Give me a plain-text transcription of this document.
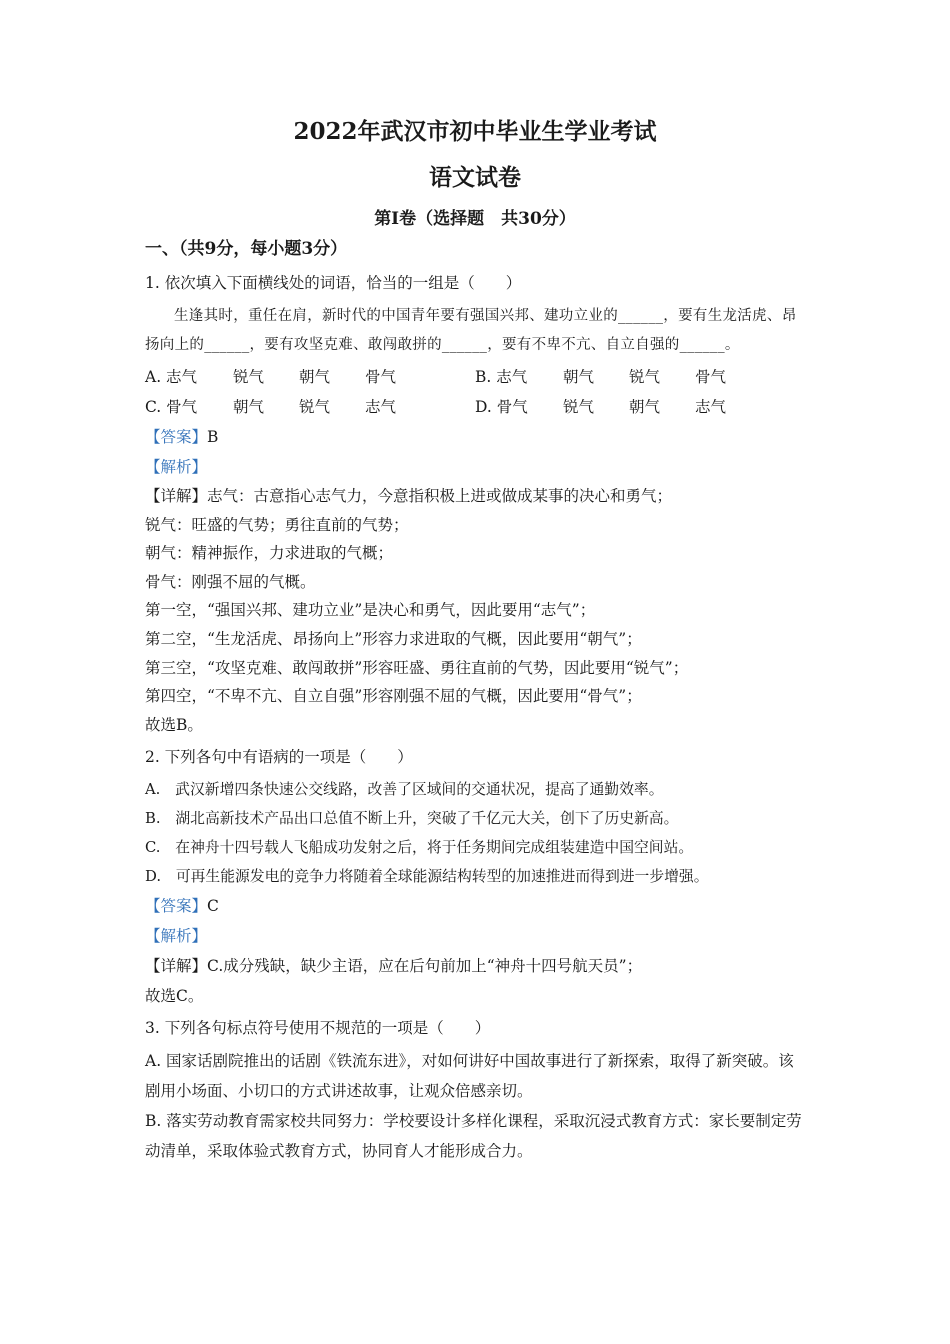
2022年武汉市初中毕业生学业考试
语文试卷
第Ⅰ卷（选择题　共30分）
一、（共9分，每小题3分）
1. 依次填入下面横线处的词语，恰当的一组是（　　）
生逢其时，重任在肩，新时代的中国青年要有强国兴邦、建功立业的______，要有生龙活虎、昂扬向上的______，要有攻坚克难、敢闯敢拼的______，要有不卑不亢、自立自强的______。
A. 志气	锐气	朝气	骨气	B. 志气	朝气	锐气	骨气
C. 骨气	朝气	锐气	志气	D. 骨气	锐气	朝气	志气
【答案】B
【解析】
【详解】志气：古意指心志气力，今意指积极上进或做成某事的决心和勇气；
锐气：旺盛的气势；勇往直前的气势；
朝气：精神振作，力求进取的气概；
骨气：刚强不屈的气概。
第一空，“强国兴邦、建功立业”是决心和勇气，因此要用“志气”；
第二空，“生龙活虎、昂扬向上”形容力求进取的气概，因此要用“朝气”；
第三空，“攻坚克难、敢闯敢拼”形容旺盛、勇往直前的气势，因此要用“锐气”；
第四空，“不卑不亢、自立自强”形容刚强不屈的气概，因此要用“骨气”；
故选B。
2. 下列各句中有语病的一项是（　　）
A.　武汉新增四条快速公交线路，改善了区域间的交通状况，提高了通勤效率。
B.　湖北高新技术产品出口总值不断上升，突破了千亿元大关，创下了历史新高。
C.　在神舟十四号载人飞船成功发射之后，将于任务期间完成组装建造中国空间站。
D.　可再生能源发电的竞争力将随着全球能源结构转型的加速推进而得到进一步增强。
【答案】C
【解析】
【详解】C.成分残缺，缺少主语，应在后句前加上“神舟十四号航天员”；
故选C。
3. 下列各句标点符号使用不规范的一项是（　　）
A. 国家话剧院推出的话剧《铁流东进》，对如何讲好中国故事进行了新探索，取得了新突破。该剧用小场面、小切口的方式讲述故事，让观众倍感亲切。
B. 落实劳动教育需家校共同努力：学校要设计多样化课程，采取沉浸式教育方式：家长要制定劳动清单，采取体验式教育方式，协同育人才能形成合力。
